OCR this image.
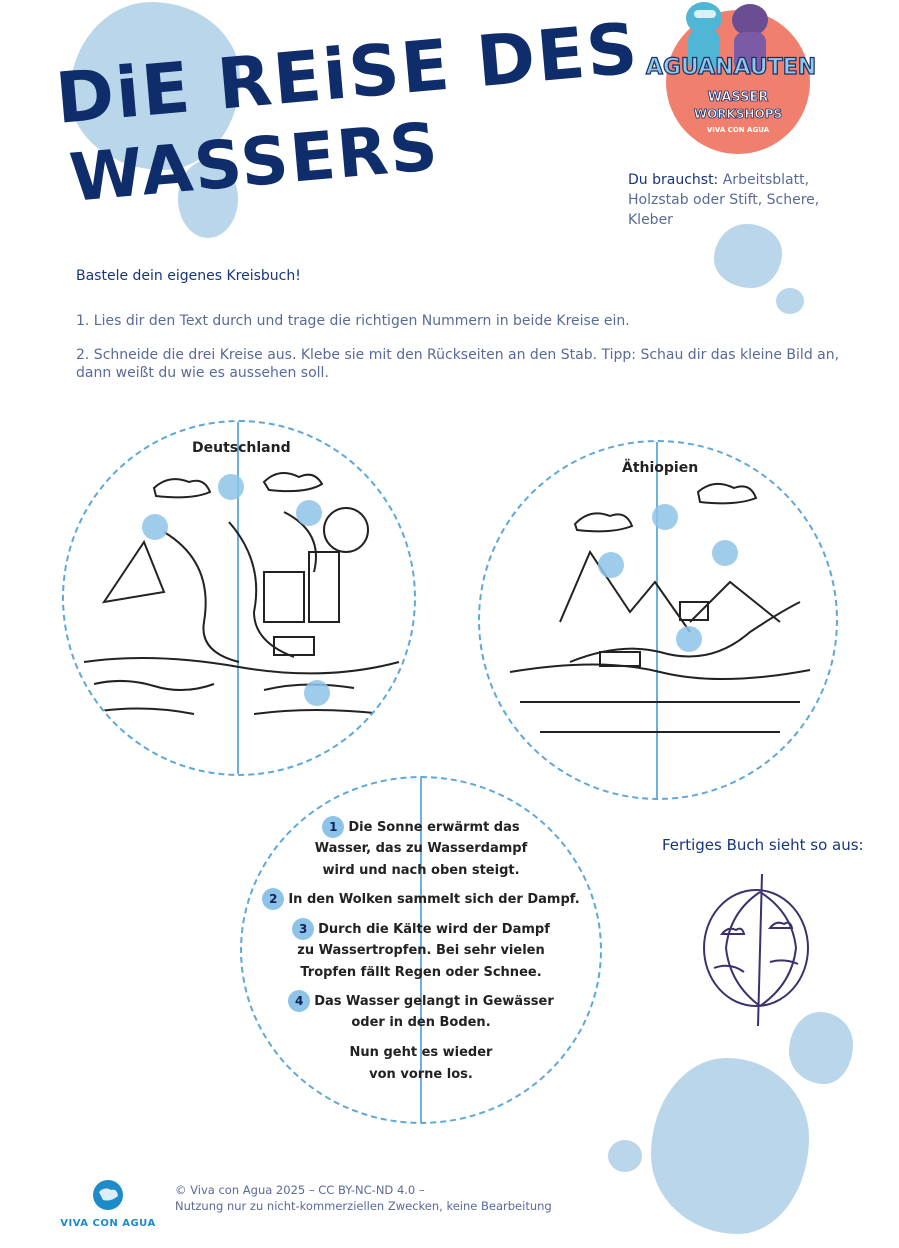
DiE REiSE DES
WASSERS
AGUANAUTEN
WASSER
WORKSHOPS
VIVA CON AGUA
Du brauchst: Arbeitsblatt, Holzstab oder Stift, Schere, Kleber
Bastele dein eigenes Kreisbuch!
1. Lies dir den Text durch und trage die richtigen Nummern in beide Kreise ein.
2. Schneide die drei Kreise aus. Klebe sie mit den Rückseiten an den Stab. Tipp: Schau dir das kleine Bild an, dann weißt du wie es aussehen soll.
Deutschland
Äthiopien
1 Die Sonne erwärmt das
Wasser, das zu Wasserdampf
wird und nach oben steigt.
2 In den Wolken sammelt sich der Dampf.
3 Durch die Kälte wird der Dampf
zu Wassertropfen. Bei sehr vielen
Tropfen fällt Regen oder Schnee.
4 Das Wasser gelangt in Gewässer
oder in den Boden.
Nun geht es wieder
von vorne los.
Fertiges Buch sieht so aus:
VIVA CON AGUA
© Viva con Agua 2025 – CC BY-NC-ND 4.0 –
Nutzung nur zu nicht-kommerziellen Zwecken, keine Bearbeitung
